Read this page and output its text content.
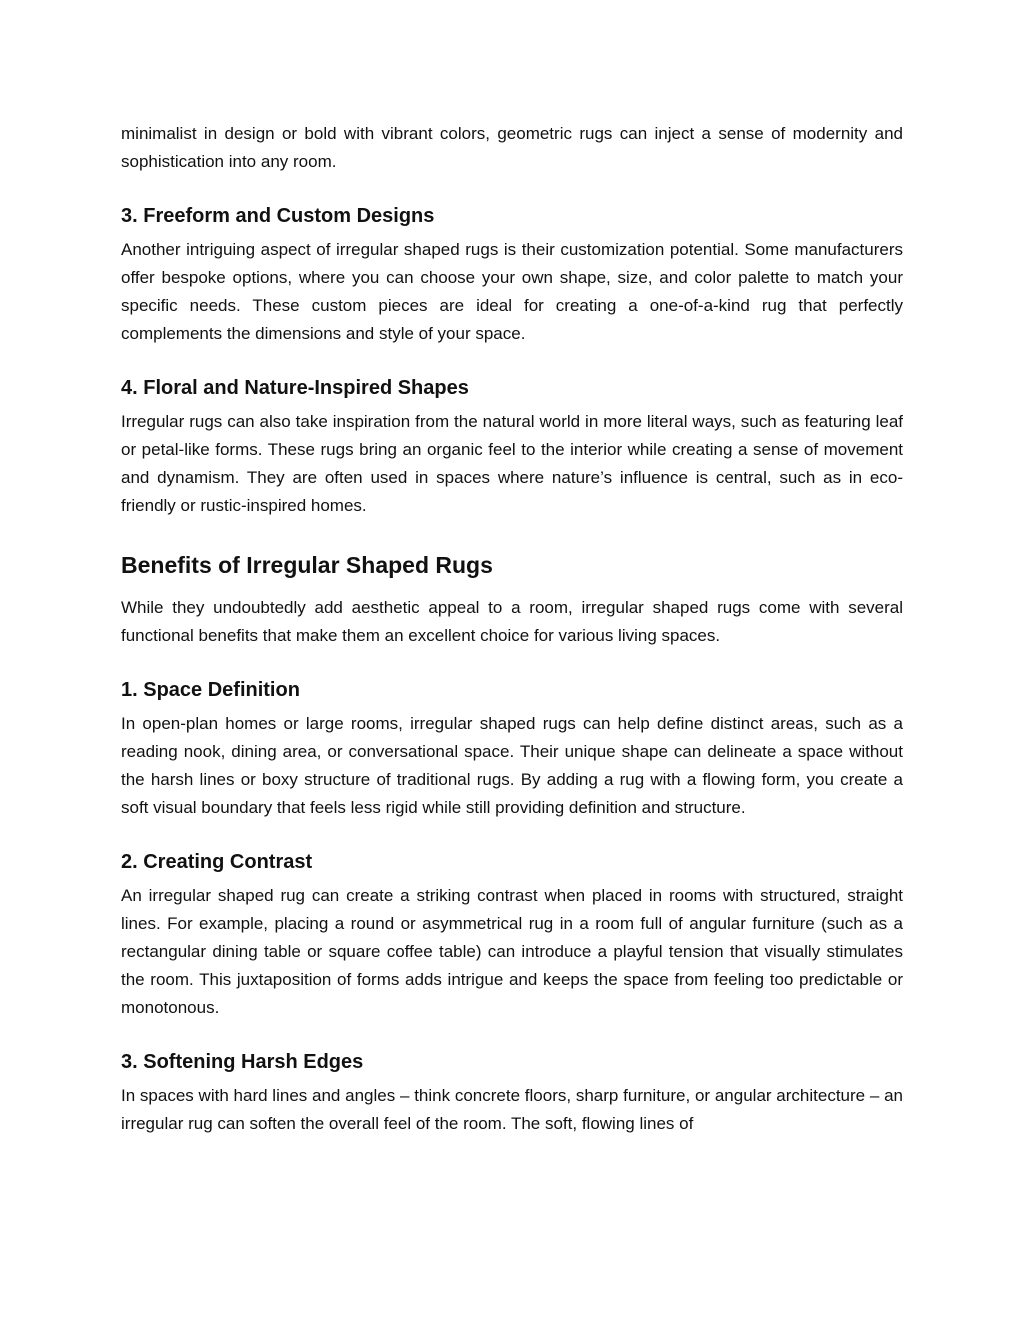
minimalist in design or bold with vibrant colors, geometric rugs can inject a sense of modernity and sophistication into any room.

3. Freeform and Custom Designs

Another intriguing aspect of irregular shaped rugs is their customization potential. Some manufacturers offer bespoke options, where you can choose your own shape, size, and color palette to match your specific needs. These custom pieces are ideal for creating a one-of-a-kind rug that perfectly complements the dimensions and style of your space.

4. Floral and Nature-Inspired Shapes

Irregular rugs can also take inspiration from the natural world in more literal ways, such as featuring leaf or petal-like forms. These rugs bring an organic feel to the interior while creating a sense of movement and dynamism. They are often used in spaces where nature’s influence is central, such as in eco-friendly or rustic-inspired homes.

Benefits of Irregular Shaped Rugs

While they undoubtedly add aesthetic appeal to a room, irregular shaped rugs come with several functional benefits that make them an excellent choice for various living spaces.

1. Space Definition

In open-plan homes or large rooms, irregular shaped rugs can help define distinct areas, such as a reading nook, dining area, or conversational space. Their unique shape can delineate a space without the harsh lines or boxy structure of traditional rugs. By adding a rug with a flowing form, you create a soft visual boundary that feels less rigid while still providing definition and structure.

2. Creating Contrast

An irregular shaped rug can create a striking contrast when placed in rooms with structured, straight lines. For example, placing a round or asymmetrical rug in a room full of angular furniture (such as a rectangular dining table or square coffee table) can introduce a playful tension that visually stimulates the room. This juxtaposition of forms adds intrigue and keeps the space from feeling too predictable or monotonous.

3. Softening Harsh Edges

In spaces with hard lines and angles – think concrete floors, sharp furniture, or angular architecture – an irregular rug can soften the overall feel of the room. The soft, flowing lines of
